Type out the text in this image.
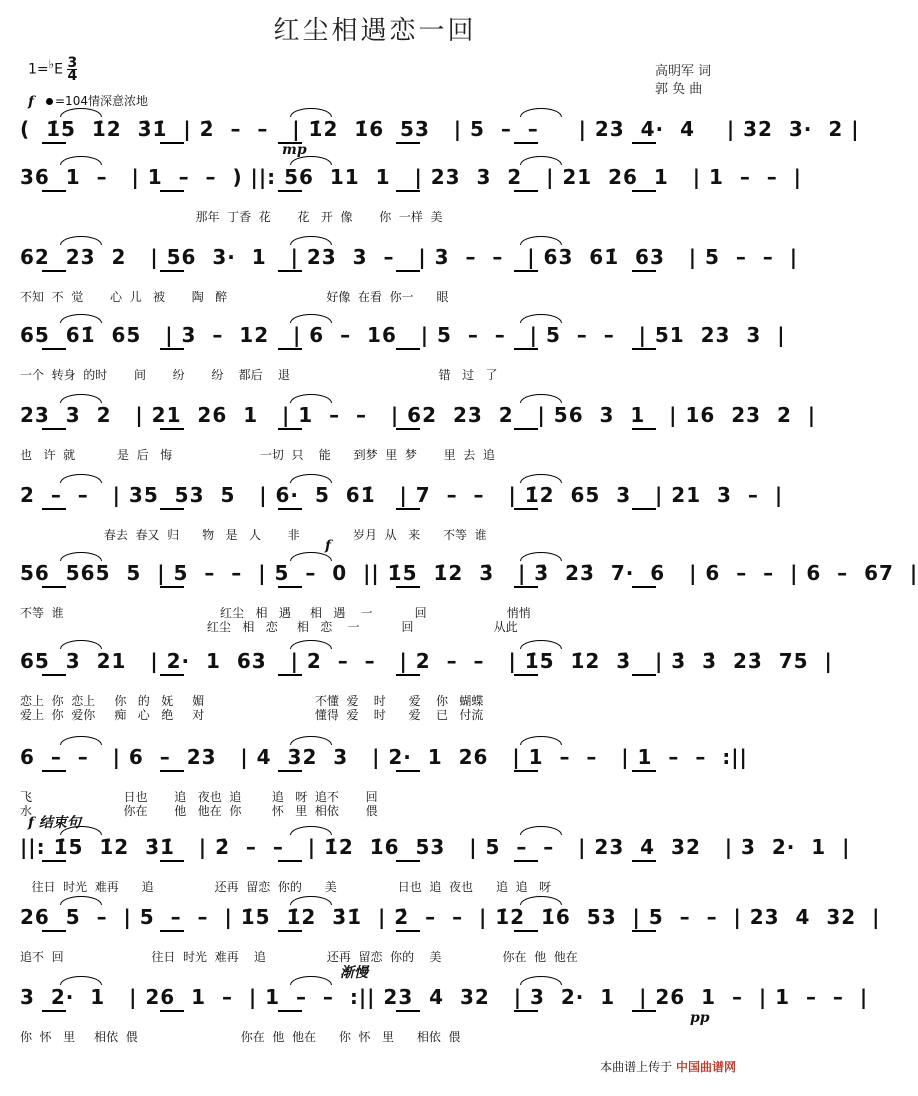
红尘相遇恋一回
高明军 词
郭 奂 曲
$1=^♭E \frac{3}{4}$
=104情深意浓地
(  1̇5  1̇2  3̇1̇  | 2̇  –  –   | 1̇2  1̇6  53   | 5  –  –     | 23  4·  4    | 32  3·  2 |
f
36  1  –   | 1  –  –  ) ||: 56  11  1   | 23  3  2   | 21  26  1   | 1  –  –  |
mp
那年  丁香  花       花   开  像       你  一样  美
62  23  2   | 56  3·  1   | 23  3  –   | 3  –  –   | 63  61̇  63   | 5  –  –  |
不知  不  觉       心  儿   被       陶   醉                          好像  在看  你一      眼
65  61̇  65   | 3  –  12   | 6  –  16   | 5  –  –   | 5  –  –   | 51  23  3  |
一个  转身  的时       间       纷       纷    都后    退                                       错   过   了
23  3  2   | 21  26  1   | 1  –  –   | 62  23  2   | 56  3  1   | 16  23  2  |
也   许  就           是  后   悔                       一切  只    能      到梦  里  梦       里  去  追
2  –  –   | 35  53  5   | 6·  5  61̇   | 7  –  –   | 1̇2  65  3   | 21  3  –  |
春去  春又  归      物   是   人       非              岁月  从   来      不等  谁
56  565  5  | 5  –  –  | 5  –  0  || 1̇5  1̇2  3̇   | 3̇  23̇  7·  6   | 6  –  –  | 6  –  67  |
f
不等  谁                                         红尘   相   遇     相   遇    一           回                     悄悄
红尘   相   恋     相   恋    一           回                     从此
65  3  21   | 2·  1  63   | 2  –  –   | 2  –  –   | 1̇5  1̇2  3̇   | 3̇  3̇  23̇  75  |
恋上  你  恋上     你   的   妩     媚                             不懂  爱    时      爱    你   蝴蝶
爱上  你  爱你     痴   心   绝     对                             懂得  爱    时      爱    已   付流
6  –  –   | 6  –  23   | 4  32  3   | 2·  1  26   | 1  –  –   | 1  –  –  :||
飞                        日也       追   夜也  追        追   呀  追不       回
水                        你在       他   他在  你        怀   里  相依       偎
||: 1̇5  1̇2  3̇1̇   | 2̇  –  –   | 1̇2  1̇6  53   | 5  –  –   | 23  4  32   | 3  2·  1  |
f 结束句
往日  时光  难再      追                还再  留恋  你的      美                日也  追  夜也      追  追   呀
26  5  –  | 5  –  –  | 1̇5  1̇2  3̇1̇  | 2̇  –  –  | 1̇2  1̇6  53  | 5  –  –  | 23  4  32  |
追不  回                       往日  时光  难再    追                还再  留恋  你的    美                你在  他  他在
3  2·  1   | 26  1  –  | 1  –  –  :|| 23  4  32   | 3  2·  1   | 26  1  –  | 1  –  –  |
渐慢
你  怀   里     相依  偎                           你在  他  他在      你  怀   里      相依  偎
pp
本曲谱上传于 中国曲谱网
